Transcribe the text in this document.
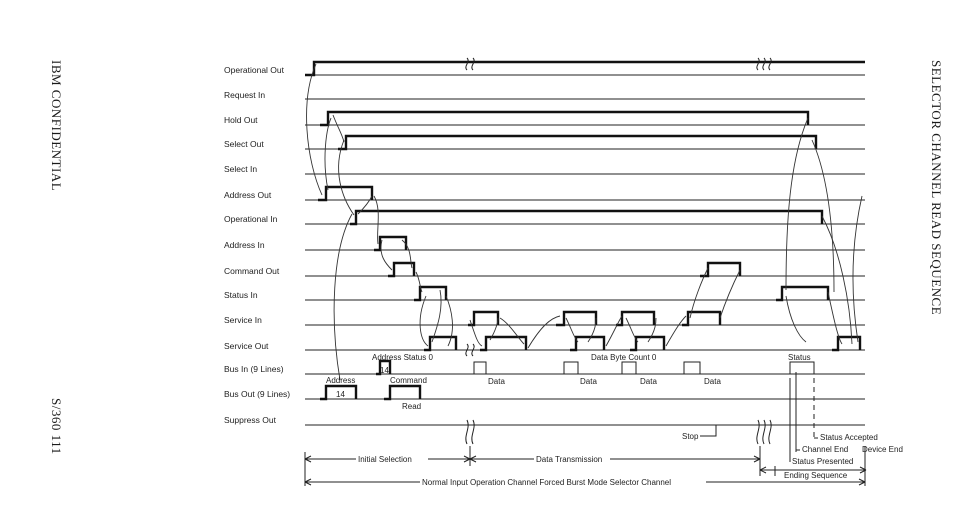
IBM CONFIDENTIAL
S/360 111
SELECTOR CHANNEL READ SEQUENCE
Operational Out
Request In
Hold Out
Select Out
Select In
Address Out
Operational In
Address In
Command Out
Status In
Service In
Service Out
Bus In (9 Lines)
Bus Out (9 Lines)
Suppress Out
Address Status 0
14
Address
14
Command
Read
Data Byte Count 0
Data	Data	Data	Data
Status
Stop	Status Accepted
Channel End Device End
Status Presented
Initial Selection	Data Transmission
Ending Sequence
Normal Input Operation Channel Forced Burst Mode Selector Channel
